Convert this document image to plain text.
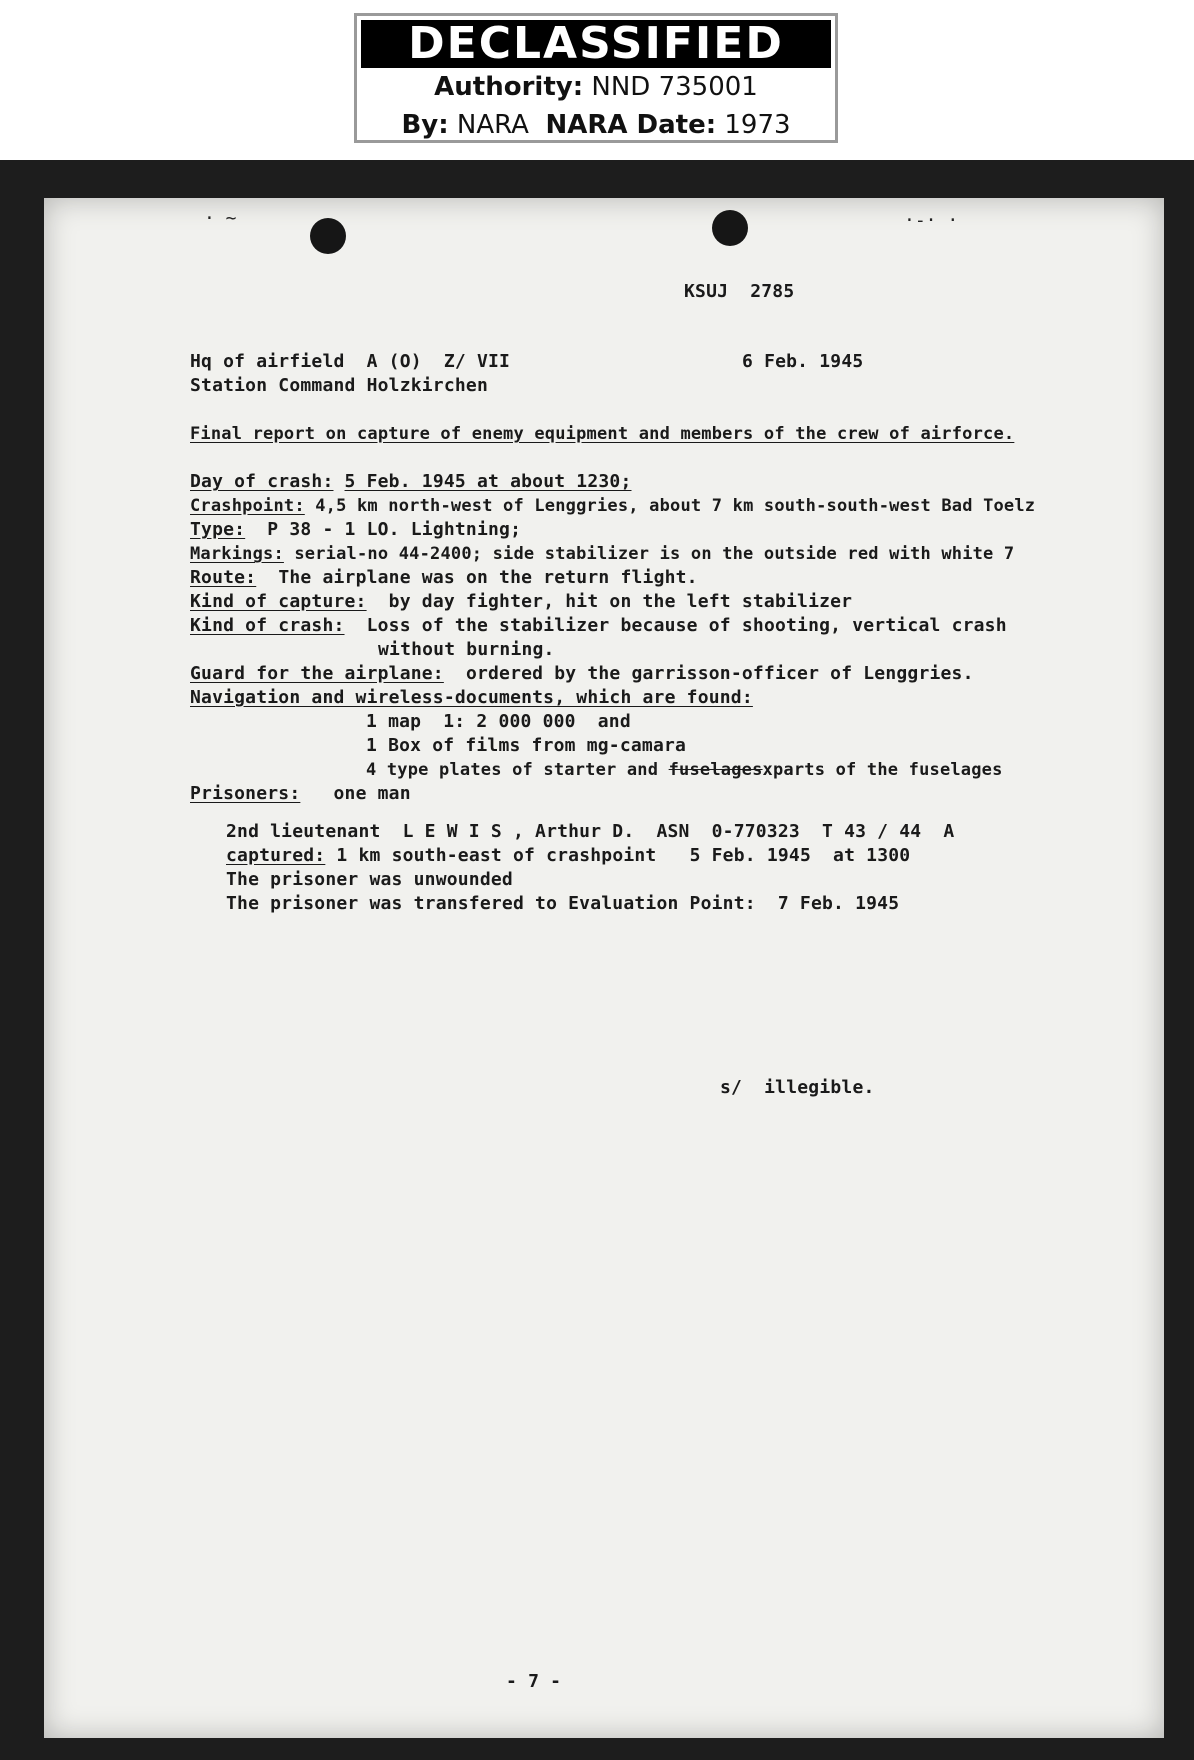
DECLASSIFIED
Authority: NND 735001
By: NARA NARA Date: 1973
· ~	·-· ·
KSUJ  2785
Hq of airfield  A (O)  Z/ VII	6 Feb. 1945
Station Command Holzkirchen
Final report on capture of enemy equipment and members of the crew of airforce.
Day of crash: 5 Feb. 1945 at about 1230;
Crashpoint: 4,5 km north-west of Lenggries, about 7 km south-south-west Bad Toelz
Type: P 38 - 1 LO. Lightning;
Markings: serial-no 44-2400; side stabilizer is on the outside red with white 7
Route: The airplane was on the return flight.
Kind of capture: by day fighter, hit on the left stabilizer
Kind of crash: Loss of the stabilizer because of shooting, vertical crash
without burning.
Guard for the airplane: ordered by the garrisson-officer of Lenggries.
Navigation and wireless-documents, which are found:
1 map  1: 2 000 000  and
1 Box of films from mg-camara
4 type plates of starter and fuselagesxparts of the fuselages
Prisoners: one man
2nd lieutenant  L E W I S , Arthur D.  ASN  0-770323  T 43 / 44  A
captured: 1 km south-east of crashpoint   5 Feb. 1945  at 1300
The prisoner was unwounded
The prisoner was transfered to Evaluation Point:  7 Feb. 1945
s/  illegible.
- 7 -
